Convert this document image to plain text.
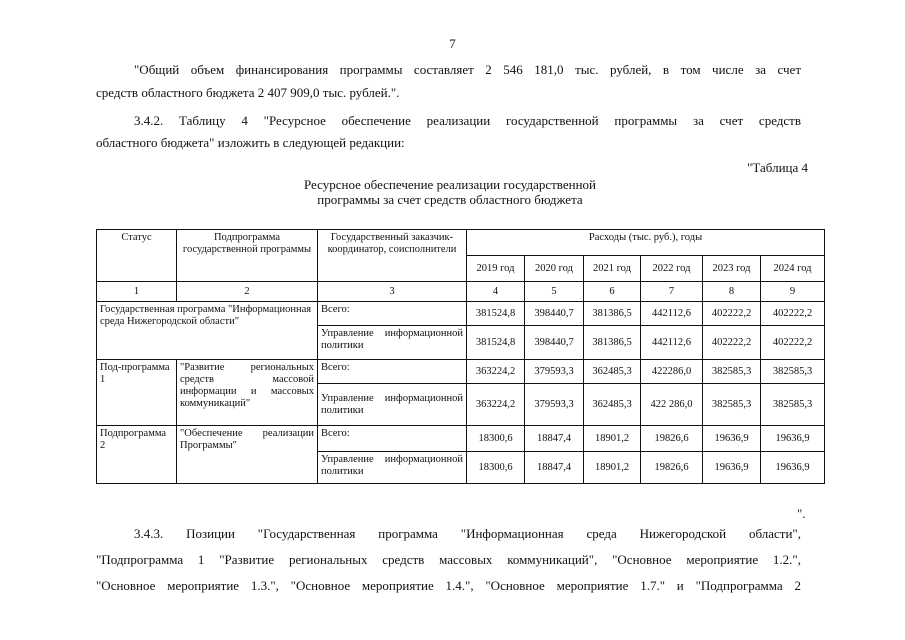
7
"Общий объем финансирования программы составляет 2 546 181,0 тыс. рублей, в том числе за счет
средств областного бюджета 2 407 909,0 тыс. рублей.".
3.4.2. Таблицу 4 "Ресурсное обеспечение реализации государственной программы за счет средств
областного бюджета" изложить в следующей редакции:
"Таблица 4
Ресурсное обеспечение реализации государственной
программы за счет средств областного бюджета
Статус	Подпрограмма государственной программы	Государственный заказчик-координатор, соисполнители	Расходы (тыс. руб.), годы					
			2019 год	2020 год	2021 год	2022 год	2023 год	2024 год
1	2	3	4	5	6	7	8	9
Государственная программа "Информационная среда Нижегородской области"		Всего:	381524,8	398440,7	381386,5	442112,6	402222,2	402222,2
		Управление информационной политики	381524,8	398440,7	381386,5	442112,6	402222,2	402222,2
Под-программа 1	"Развитие региональных средств массовой информации и массовых коммуникаций"	Всего:	363224,2	379593,3	362485,3	422286,0	382585,3	382585,3
		Управление информационной политики	363224,2	379593,3	362485,3	422 286,0	382585,3	382585,3
Подпрограмма 2	"Обеспечение реализации Программы"	Всего:	18300,6	18847,4	18901,2	19826,6	19636,9	19636,9
		Управление информационной политики	18300,6	18847,4	18901,2	19826,6	19636,9	19636,9
".
3.4.3. Позиции "Государственная программа "Информационная среда Нижегородской области",
"Подпрограмма 1 "Развитие региональных средств массовых коммуникаций", "Основное мероприятие 1.2.",
"Основное мероприятие 1.3.", "Основное мероприятие 1.4.", "Основное мероприятие 1.7." и "Подпрограмма 2
